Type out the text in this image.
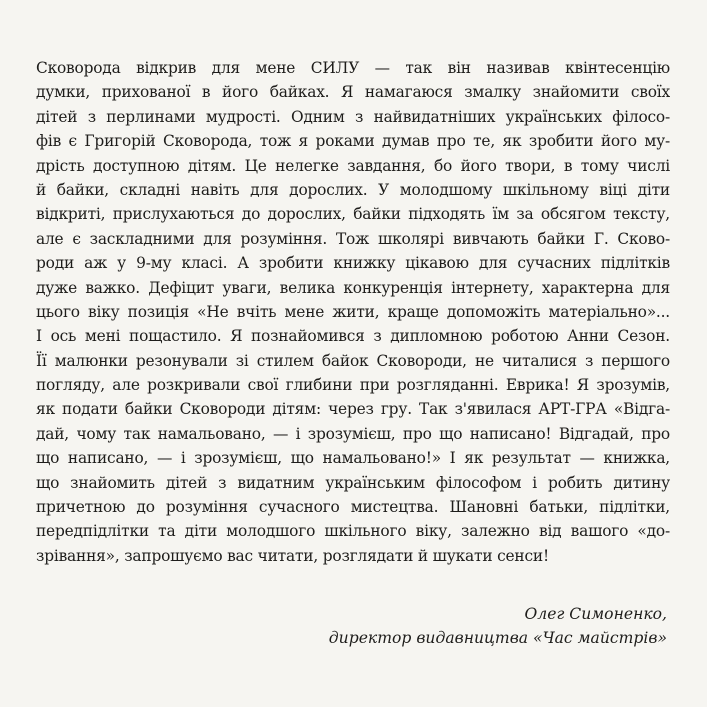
Сковорода відкрив для мене СИЛУ — так він називав квінтесенцію
думки, прихованої в його байках. Я намагаюся змалку знайомити своїх
дітей з перлинами мудрості. Одним з найвидатніших українських філосо-
фів є Григорій Сковорода, тож я роками думав про те, як зробити його му-
дрість доступною дітям. Це нелегке завдання, бо його твори, в тому числі
й байки, складні навіть для дорослих. У молодшому шкільному віці діти
відкриті, прислухаються до дорослих, байки підходять їм за обсягом тексту,
але є заскладними для розуміння. Тож школярі вивчають байки Г. Сково-
роди аж у 9-му класі. А зробити книжку цікавою для сучасних підлітків
дуже важко. Дефіцит уваги, велика конкуренція інтернету, характерна для
цього віку позиція «Не вчіть мене жити, краще допоможіть матеріально»...
І ось мені пощастило. Я познайомився з дипломною роботою Анни Сезон.
Її малюнки резонували зі стилем байок Сковороди, не читалися з першого
погляду, але розкривали свої глибини при розгляданні. Еврика! Я зрозумів,
як подати байки Сковороди дітям: через гру. Так з'явилася АРТ-ГРА «Відга-
дай, чому так намальовано, — і зрозумієш, про що написано! Відгадай, про
що написано, — і зрозумієш, що намальовано!» І як результат — книжка,
що знайомить дітей з видатним українським філософом і робить дитину
причетною до розуміння сучасного мистецтва. Шановні батьки, підлітки,
передпідлітки та діти молодшого шкільного віку, залежно від вашого «до-
зрівання», запрошуємо вас читати, розглядати й шукати сенси!
Олег Симоненко,
директор видавництва «Час майстрів»
